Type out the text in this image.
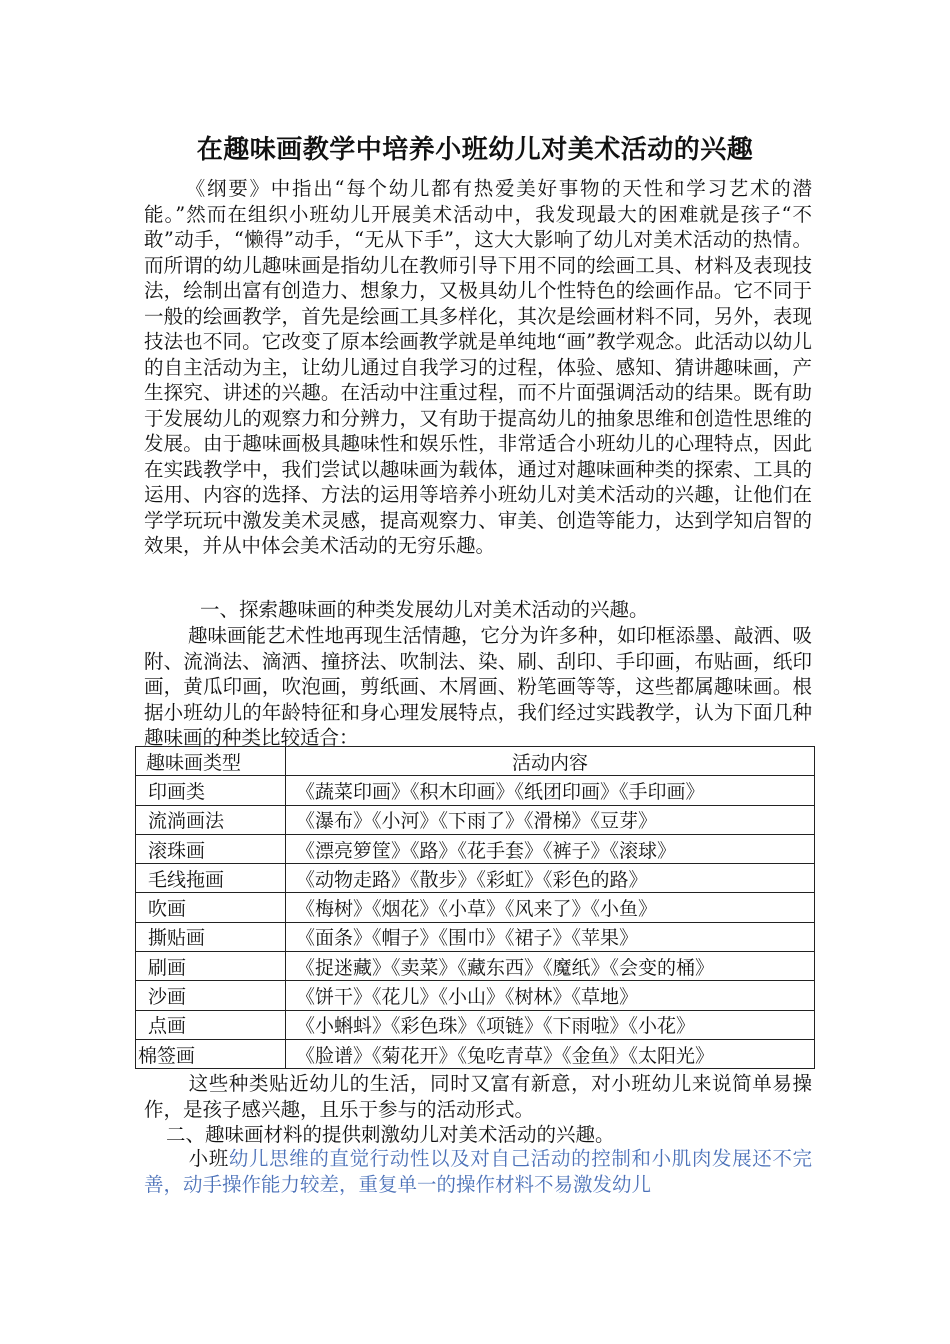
在趣味画教学中培养小班幼儿对美术活动的兴趣
《纲要》中指出“每个幼儿都有热爱美好事物的天性和学习艺术的潜能。”然而在组织小班幼儿开展美术活动中，我发现最大的困难就是孩子“不敢”动手，“懒得”动手，“无从下手”，这大大影响了幼儿对美术活动的热情。而所谓的幼儿趣味画是指幼儿在教师引导下用不同的绘画工具、材料及表现技法，绘制出富有创造力、想象力，又极具幼儿个性特色的绘画作品。它不同于一般的绘画教学，首先是绘画工具多样化，其次是绘画材料不同，另外，表现技法也不同。它改变了原本绘画教学就是单纯地“画”教学观念。此活动以幼儿的自主活动为主，让幼儿通过自我学习的过程，体验、感知、猜讲趣味画，产生探究、讲述的兴趣。在活动中注重过程，而不片面强调活动的结果。既有助于发展幼儿的观察力和分辨力，又有助于提高幼儿的抽象思维和创造性思维的发展。由于趣味画极具趣味性和娱乐性，非常适合小班幼儿的心理特点，因此在实践教学中，我们尝试以趣味画为载体，通过对趣味画种类的探索、工具的运用、内容的选择、方法的运用等培养小班幼儿对美术活动的兴趣，让他们在学学玩玩中激发美术灵感，提高观察力、审美、创造等能力，达到学知启智的效果，并从中体会美术活动的无穷乐趣。
一、探索趣味画的种类发展幼儿对美术活动的兴趣。
趣味画能艺术性地再现生活情趣，它分为许多种，如印框添墨、敲洒、吸附、流淌法、滴洒、撞挤法、吹制法、染、刷、刮印、手印画，布贴画，纸印画，黄瓜印画，吹泡画，剪纸画、木屑画、粉笔画等等，这些都属趣味画。根据小班幼儿的年龄特征和身心理发展特点，我们经过实践教学，认为下面几种趣味画的种类比较适合：
趣味画类型	活动内容
印画类	《蔬菜印画》《积木印画》《纸团印画》《手印画》
流淌画法	《瀑布》《小河》《下雨了》《滑梯》《豆芽》
滚珠画	《漂亮箩筐》《路》《花手套》《裤子》《滚球》
毛线拖画	《动物走路》《散步》《彩虹》《彩色的路》
吹画	《梅树》《烟花》《小草》《风来了》《小鱼》
撕贴画	《面条》《帽子》《围巾》《裙子》《苹果》
刷画	《捉迷藏》《卖菜》《藏东西》《魔纸》《会变的桶》
沙画	《饼干》《花儿》《小山》《树林》《草地》
点画	《小蝌蚪》《彩色珠》《项链》《下雨啦》《小花》
棉签画	《脸谱》《菊花开》《兔吃青草》《金鱼》《太阳光》
这些种类贴近幼儿的生活，同时又富有新意，对小班幼儿来说简单易操作，是孩子感兴趣，且乐于参与的活动形式。
二、趣味画材料的提供刺激幼儿对美术活动的兴趣。
小班幼儿思维的直觉行动性以及对自己活动的控制和小肌肉发展还不完善，动手操作能力较差，重复单一的操作材料不易激发幼儿
